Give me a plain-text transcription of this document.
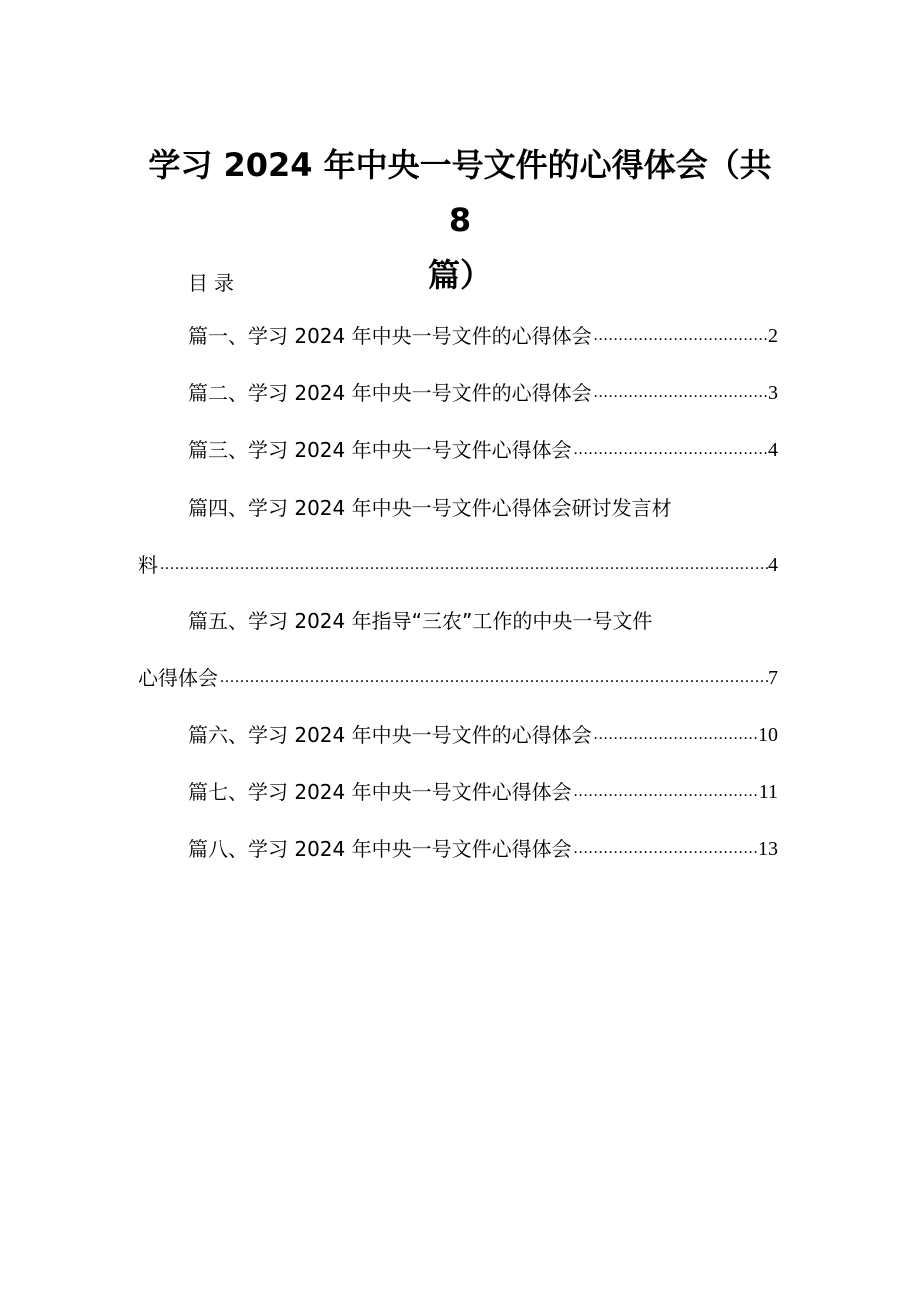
学习 2024 年中央一号文件的心得体会（共 8
篇）
目录
篇一、学习 2024 年中央一号文件的心得体会 .....	2
篇二、学习 2024 年中央一号文件的心得体会 .....	3
篇三、学习 2024 年中央一号文件心得体会 .....	4
篇四、学习 2024 年中央一号文件心得体会研讨发言材
料 .....	4
篇五、学习 2024 年指导“三农”工作的中央一号文件
心得体会 .....	7
篇六、学习 2024 年中央一号文件的心得体会 .....	10
篇七、学习 2024 年中央一号文件心得体会 .....	11
篇八、学习 2024 年中央一号文件心得体会 .....	13
